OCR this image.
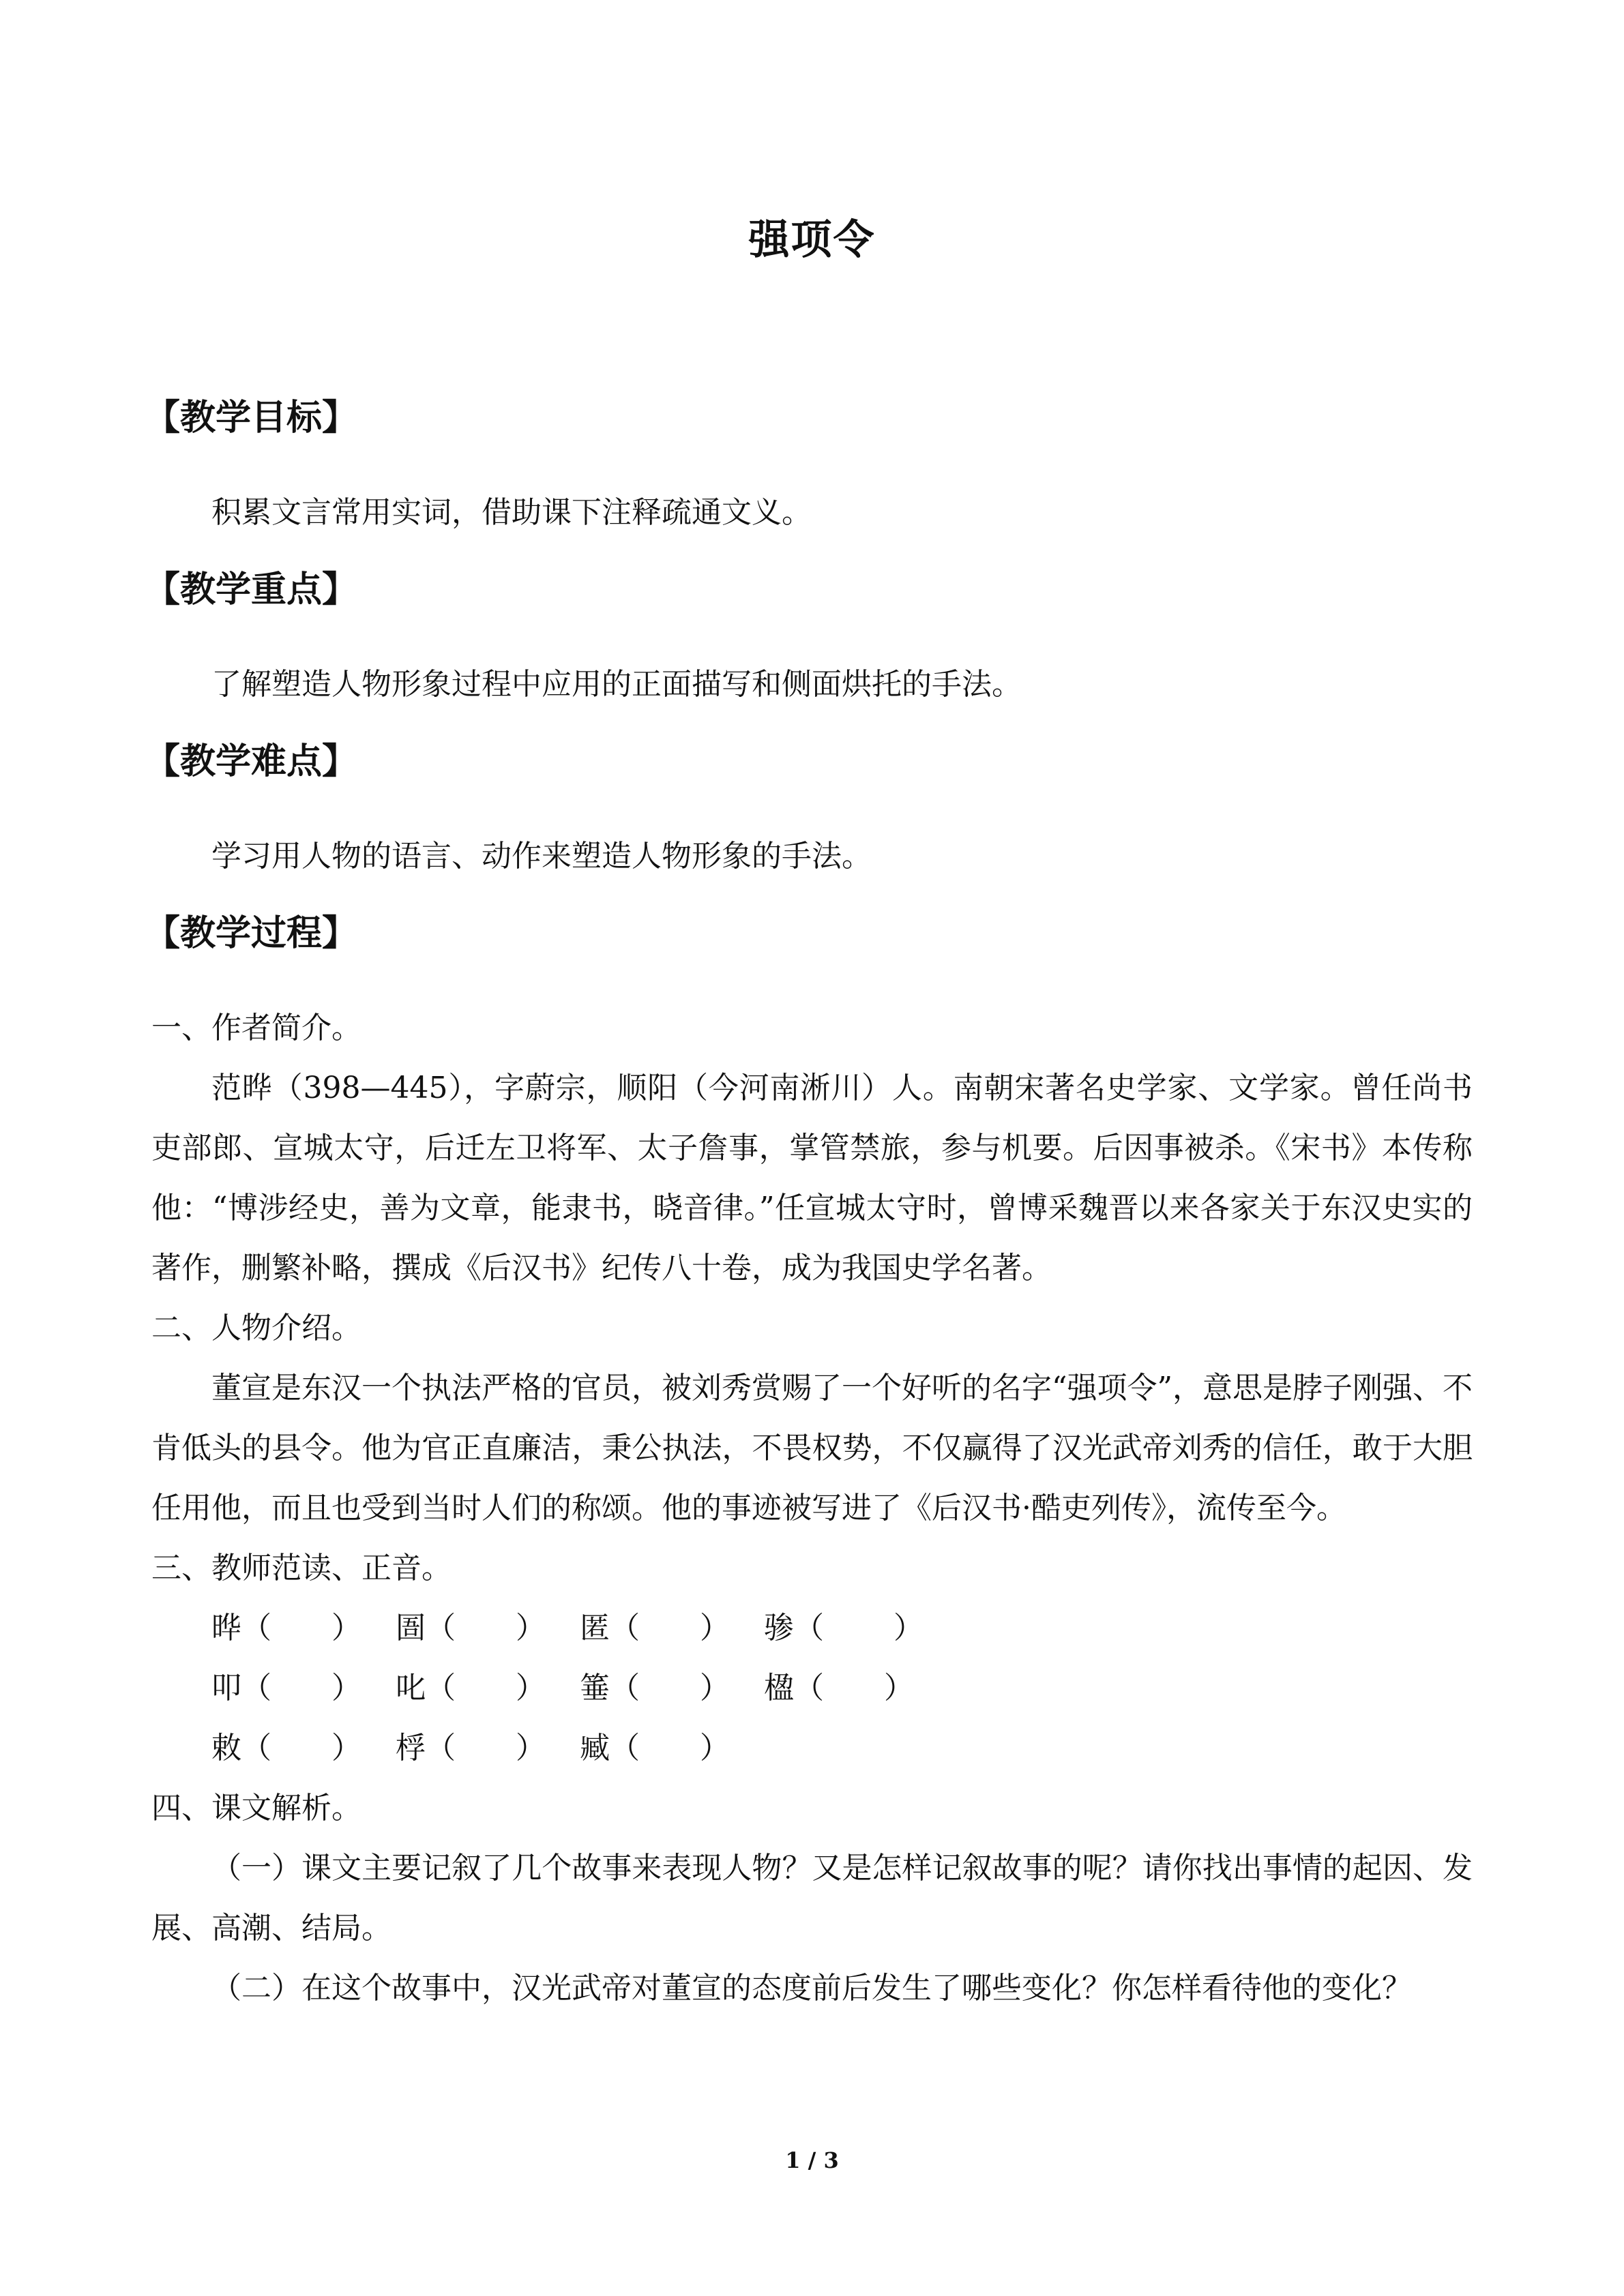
强项令
【教学目标】

积累文言常用实词，借助课下注释疏通文义。

【教学重点】

了解塑造人物形象过程中应用的正面描写和侧面烘托的手法。

【教学难点】

学习用人物的语言、动作来塑造人物形象的手法。

【教学过程】

一、作者简介。

范晔（398—445），字蔚宗，顺阳（今河南淅川）人。南朝宋著名史学家、文学家。曾任尚书吏部郎、宣城太守，后迁左卫将军、太子詹事，掌管禁旅，参与机要。后因事被杀。《宋书》本传称他：“博涉经史，善为文章，能隶书，晓音律。”任宣城太守时，曾博采魏晋以来各家关于东汉史实的著作，删繁补略，撰成《后汉书》纪传八十卷，成为我国史学名著。

二、人物介绍。

董宣是东汉一个执法严格的官员，被刘秀赏赐了一个好听的名字“强项令”，意思是脖子刚强、不肯低头的县令。他为官正直廉洁，秉公执法，不畏权势，不仅赢得了汉光武帝刘秀的信任，敢于大胆任用他，而且也受到当时人们的称颂。他的事迹被写进了《后汉书·酷吏列传》，流传至今。

三、教师范读、正音。

晔（　　） 圄（　　） 匿（　　） 骖（　　 ）
叩（　　） 叱（　　） 箠（　　） 楹（　　）
敕（　　） 桴（　　） 臧（　　）

四、课文解析。

（一）课文主要记叙了几个故事来表现人物？又是怎样记叙故事的呢？请你找出事情的起因、发展、高潮、结局。

（二）在这个故事中，汉光武帝对董宣的态度前后发生了哪些变化？你怎样看待他的变化？

1 / 3
